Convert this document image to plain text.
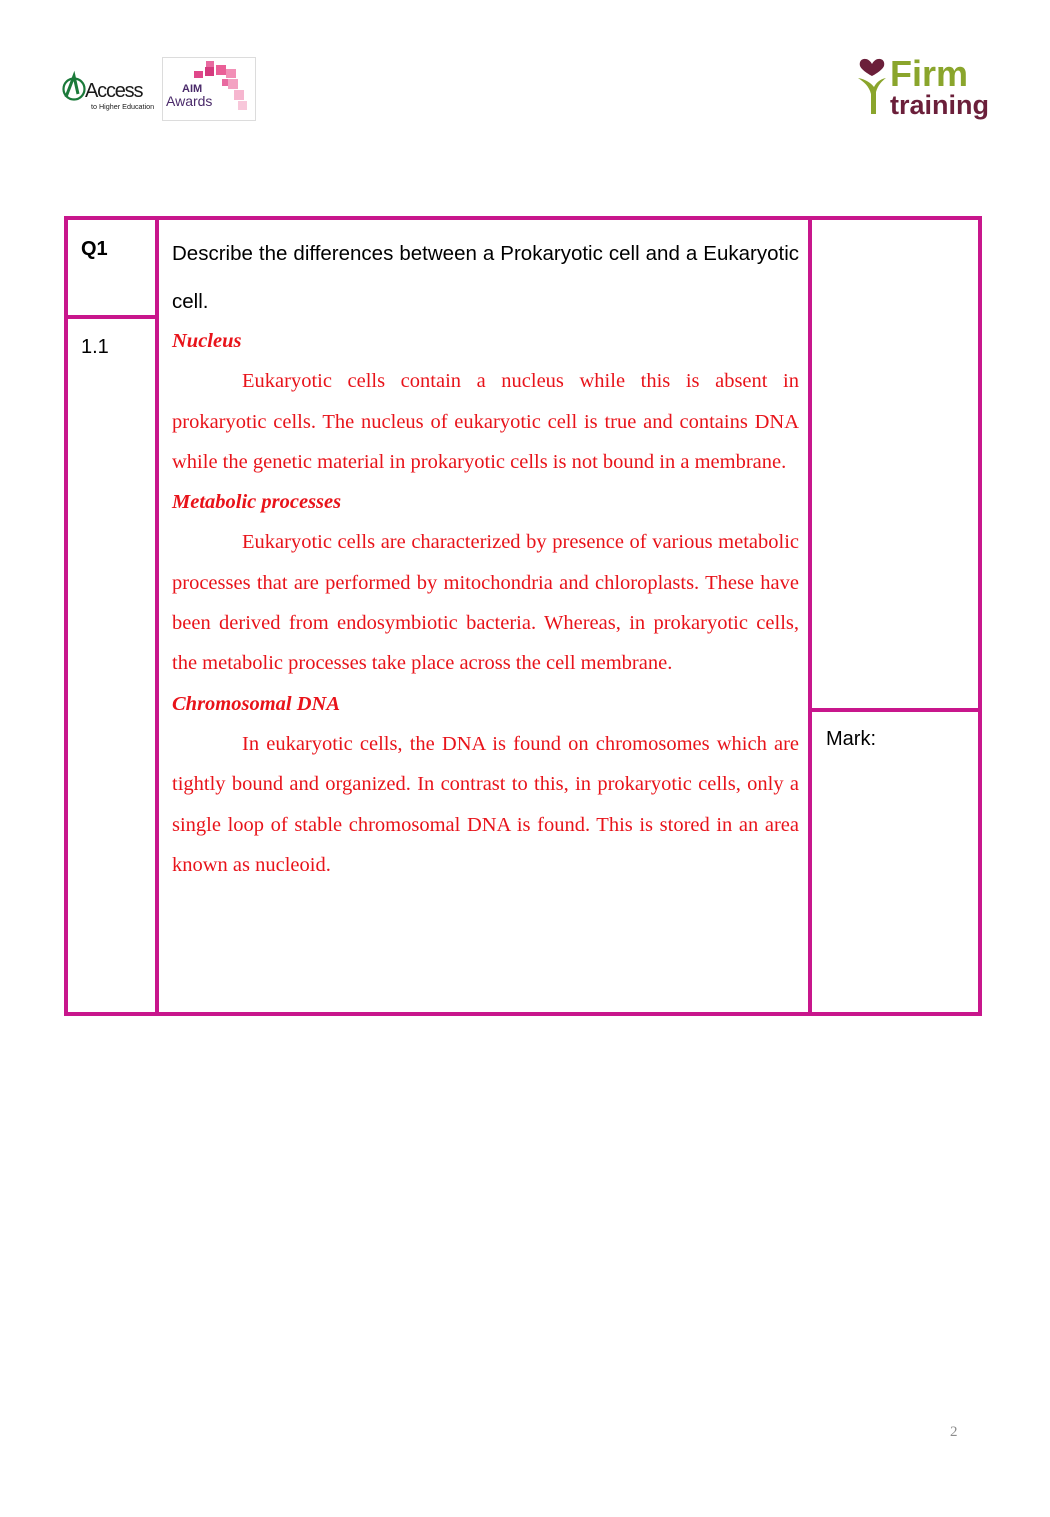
Access
to Higher Education
AIM
Awards
Firm
training
Q1
1.1
Describe the differences between a Prokaryotic cell and a Eukaryotic cell.
Nucleus

Eukaryotic cells contain a nucleus while this is absent in prokaryotic cells. The nucleus of eukaryotic cell is true and contains DNA while the genetic material in prokaryotic cells is not bound in a membrane.

Metabolic processes

Eukaryotic cells are characterized by presence of various metabolic processes that are performed by mitochondria and chloroplasts. These have been derived from endosymbiotic bacteria. Whereas, in prokaryotic cells, the metabolic processes take place across the cell membrane.

Chromosomal DNA

In eukaryotic cells, the DNA is found on chromosomes which are tightly bound and organized. In contrast to this, in prokaryotic cells, only a single loop of stable chromosomal DNA is found. This is stored in an area known as nucleoid.

Mark:
2
